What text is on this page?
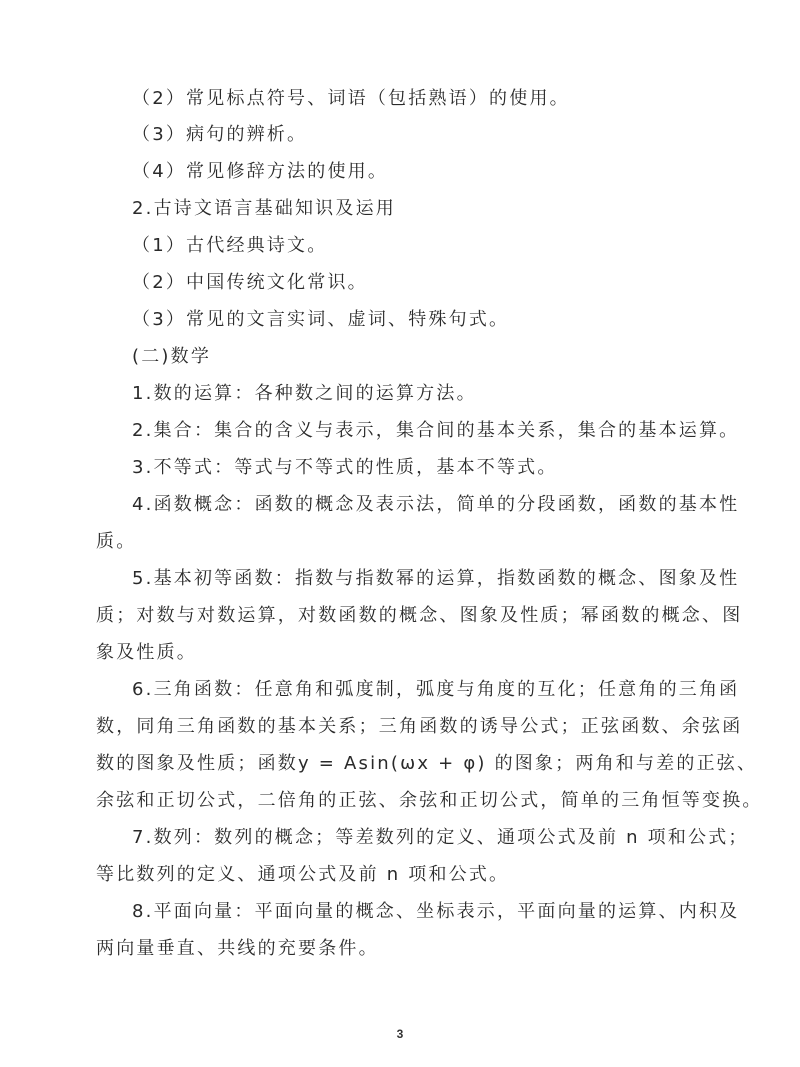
（2）常见标点符号、词语（包括熟语）的使用。
（3）病句的辨析。
（4）常见修辞方法的使用。
2.古诗文语言基础知识及运用
（1）古代经典诗文。
（2）中国传统文化常识。
（3）常见的文言实词、虚词、特殊句式。
(二)数学
1.数的运算：各种数之间的运算方法。
2.集合：集合的含义与表示，集合间的基本关系，集合的基本运算。
3.不等式：等式与不等式的性质，基本不等式。
4.函数概念：函数的概念及表示法，简单的分段函数，函数的基本性
质。
5.基本初等函数：指数与指数幂的运算，指数函数的概念、图象及性
质；对数与对数运算，对数函数的概念、图象及性质；幂函数的概念、图
象及性质。
6.三角函数：任意角和弧度制，弧度与角度的互化；任意角的三角函
数，同角三角函数的基本关系；三角函数的诱导公式；正弦函数、余弦函
数的图象及性质；函数y = Asin(ωx + φ) 的图象；两角和与差的正弦、
余弦和正切公式，二倍角的正弦、余弦和正切公式，简单的三角恒等变换。
7.数列：数列的概念；等差数列的定义、通项公式及前 n 项和公式；
等比数列的定义、通项公式及前 n 项和公式。
8.平面向量：平面向量的概念、坐标表示，平面向量的运算、内积及
两向量垂直、共线的充要条件。
3
